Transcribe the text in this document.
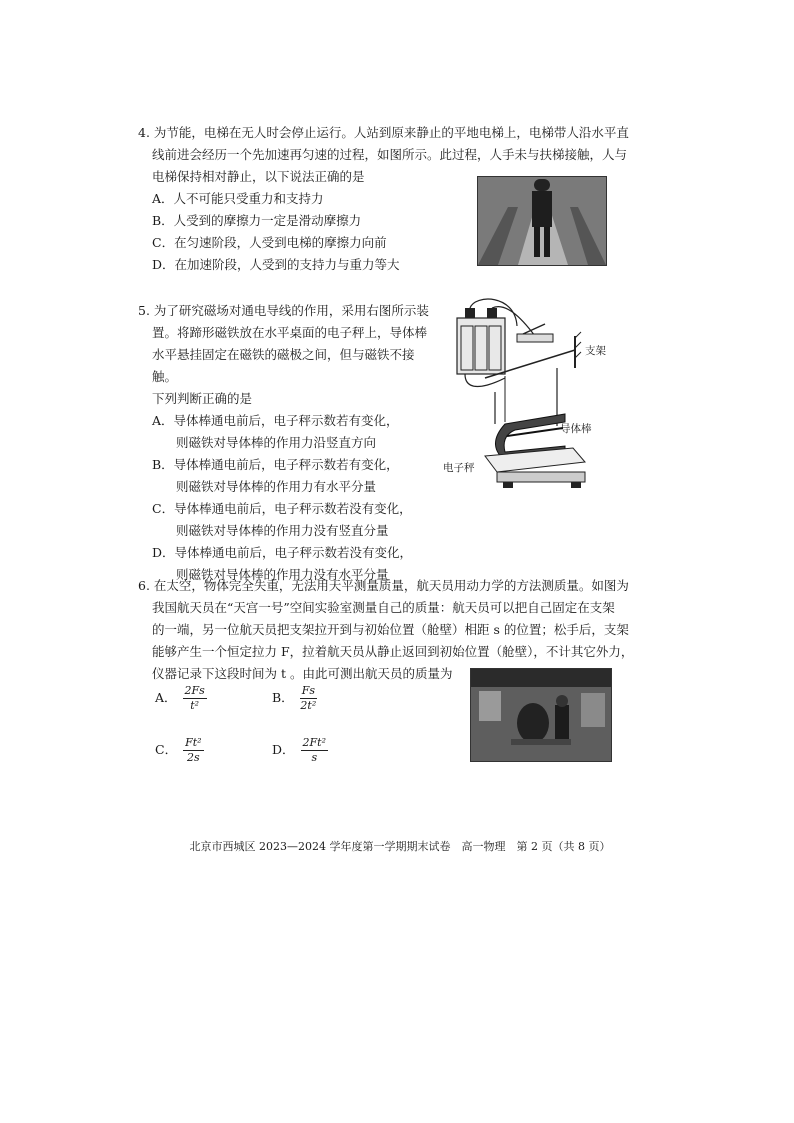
4. 为节能，电梯在无人时会停止运行。人站到原来静止的平地电梯上，电梯带人沿水平直
线前进会经历一个先加速再匀速的过程，如图所示。此过程，人手未与扶梯接触，人与
电梯保持相对静止，以下说法正确的是
A．人不可能只受重力和支持力
B．人受到的摩擦力一定是滑动摩擦力
C．在匀速阶段，人受到电梯的摩擦力向前
D．在加速阶段，人受到的支持力与重力等大
5. 为了研究磁场对通电导线的作用，采用右图所示装
置。将蹄形磁铁放在水平桌面的电子秤上，导体棒
水平悬挂固定在磁铁的磁极之间，但与磁铁不接触。
下列判断正确的是
A．导体棒通电前后，电子秤示数若有变化，
则磁铁对导体棒的作用力沿竖直方向
B．导体棒通电前后，电子秤示数若有变化，
则磁铁对导体棒的作用力有水平分量
C．导体棒通电前后，电子秤示数若没有变化，
则磁铁对导体棒的作用力没有竖直分量
D．导体棒通电前后，电子秤示数若没有变化，
则磁铁对导体棒的作用力没有水平分量
支架
导体棒
电子秤
6. 在太空，物体完全失重，无法用天平测量质量，航天员用动力学的方法测质量。如图为
我国航天员在“天宫一号”空间实验室测量自己的质量：航天员可以把自己固定在支架
的一端，另一位航天员把支架拉开到与初始位置（舱壁）相距 s 的位置；松手后，支架
能够产生一个恒定拉力 F，拉着航天员从静止返回到初始位置（舱壁），不计其它外力，
仪器记录下这段时间为 t 。由此可测出航天员的质量为
A． $\frac{2Fs}{\text{t²}}$	B． $\frac{Fs}{\text{2t²}}$
C． $\frac{\text{Ft²}}{2s}$	D． $\frac{\text{2Ft²}}{s}$
北京市西城区 2023—2024 学年度第一学期期末试卷　高一物理　第 2 页（共 8 页）
